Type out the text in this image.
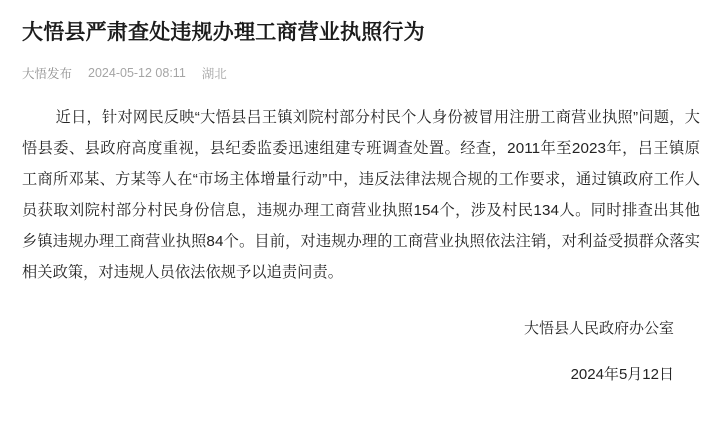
大悟县严肃查处违规办理工商营业执照行为
大悟发布 2024-05-12 08:11 湖北

近日，针对网民反映“大悟县吕王镇刘院村部分村民个人身份被冒用注册工商营业执照”问题，大悟县委、县政府高度重视，县纪委监委迅速组建专班调查处置。经查，2011年至2023年，吕王镇原工商所邓某、方某等人在“市场主体增量行动”中，违反法律法规合规的工作要求，通过镇政府工作人员获取刘院村部分村民身份信息，违规办理工商营业执照154个，涉及村民134人。同时排查出其他乡镇违规办理工商营业执照84个。目前，对违规办理的工商营业执照依法注销，对利益受损群众落实相关政策，对违规人员依法依规予以追责问责。

大悟县人民政府办公室
2024年5月12日
